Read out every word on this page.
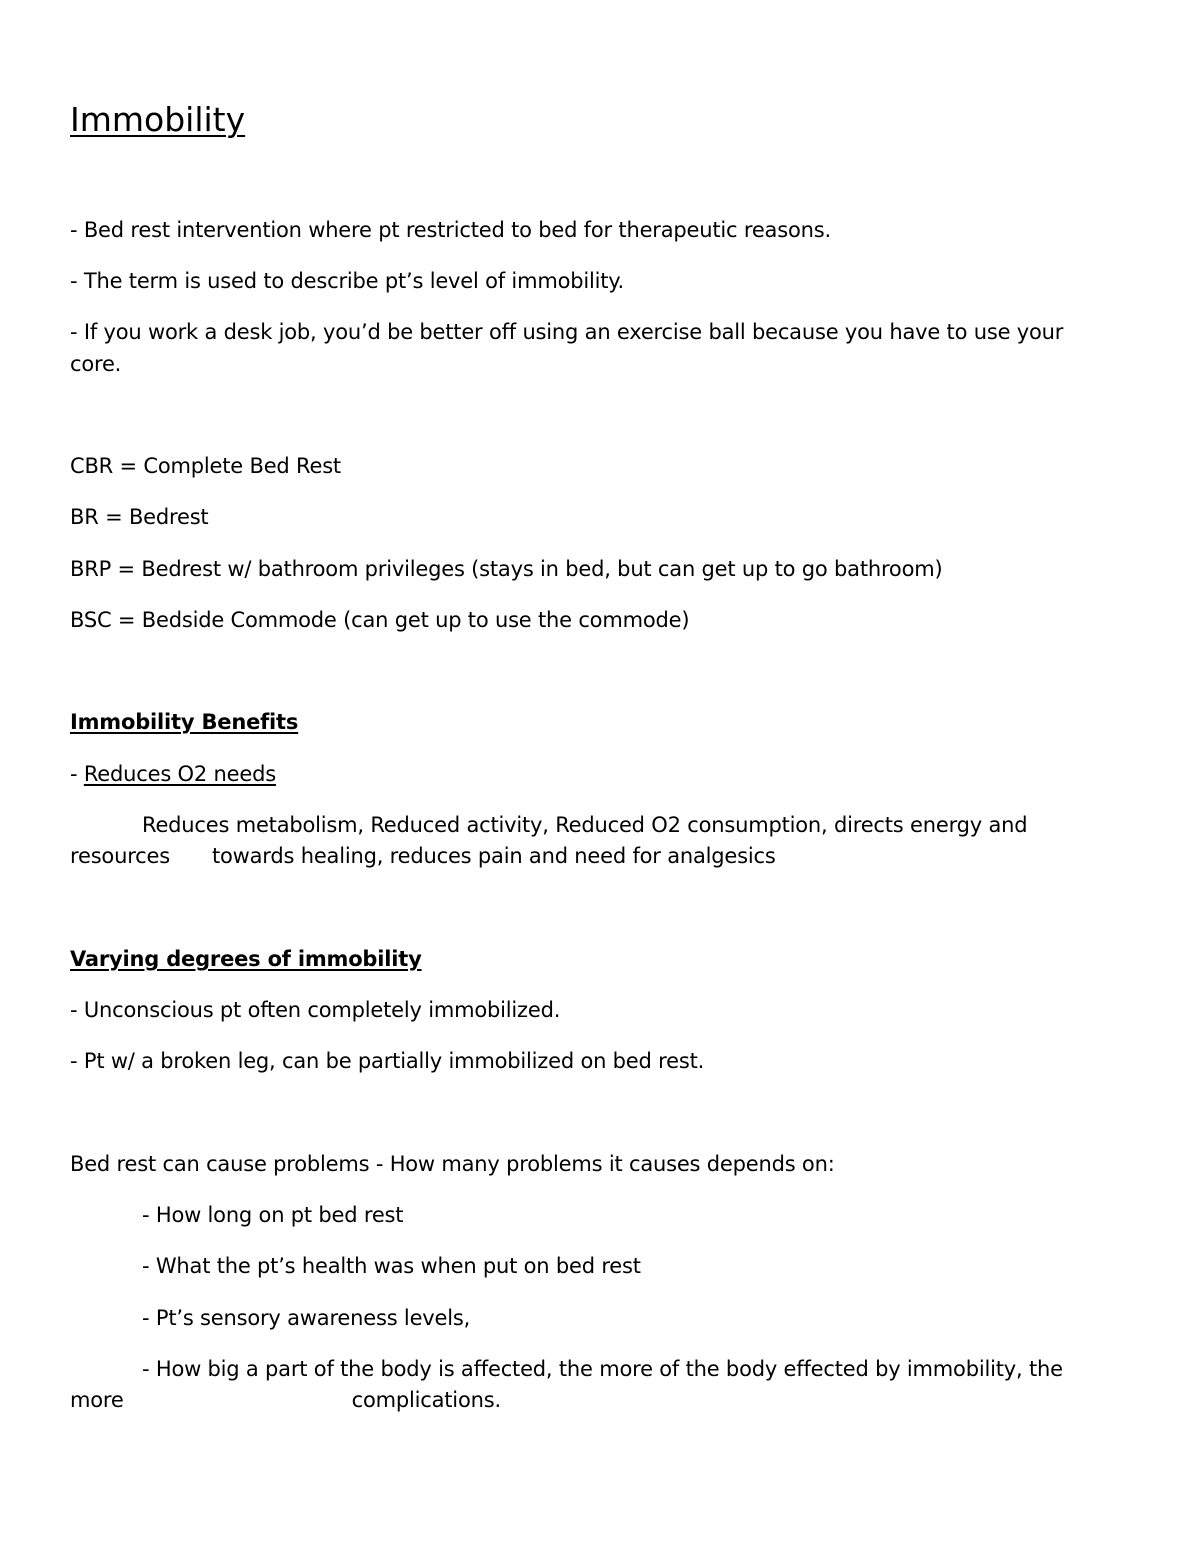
Immobility
- Bed rest intervention where pt restricted to bed for therapeutic reasons.
- The term is used to describe pt’s level of immobility.
- If you work a desk job, you’d be better off using an exercise ball because you have to use your core.
CBR = Complete Bed Rest
BR = Bedrest
BRP = Bedrest w/ bathroom privileges (stays in bed, but can get up to go bathroom)
BSC = Bedside Commode (can get up to use the commode)
Immobility Benefits
- Reduces O2 needs
Reduces metabolism, Reduced activity, Reduced O2 consumption, directs energy and
resources towards healing, reduces pain and need for analgesics
Varying degrees of immobility
- Unconscious pt often completely immobilized.
- Pt w/ a broken leg, can be partially immobilized on bed rest.
Bed rest can cause problems - How many problems it causes depends on:
- How long on pt bed rest
- What the pt’s health was when put on bed rest
- Pt’s sensory awareness levels,
- How big a part of the body is affected, the more of the body effected by immobility, the
more	complications.
